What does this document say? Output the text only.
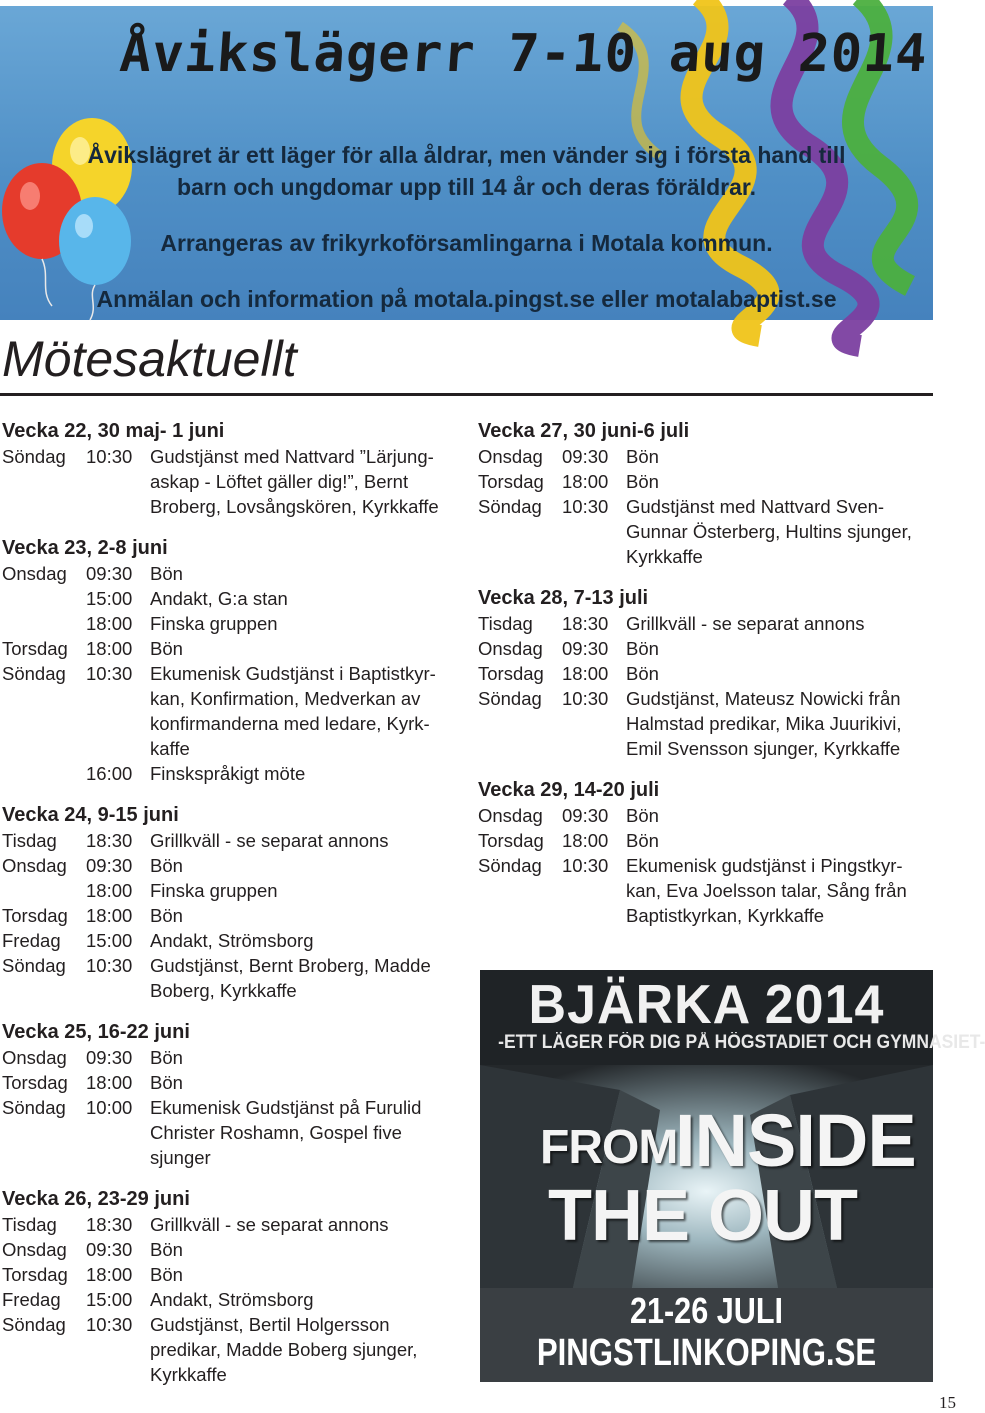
Åvikslägerr 7-10 aug 2014
Åvikslägret är ett läger för alla åldrar, men vänder sig i första hand till
barn och ungdomar upp till 14 år och deras föräldrar.
Arrangeras av frikyrkoförsamlingarna i Motala kommun.
Anmälan och information på motala.pingst.se eller motalabaptist.se
Mötesaktuellt
Vecka 22, 30 maj- 1 juni
Söndag	10:30 Gudstjänst med Nattvard ”Lärjung-askap - Löftet gäller dig!”, Bernt Broberg, Lovsångskören, Kyrkkaffe
Vecka 23, 2-8 juni
Onsdag	09:30 Bön
15:00 Andakt, G:a stan
18:00 Finska gruppen
Torsdag 18:00 Bön
Söndag	10:30 Ekumenisk Gudstjänst i Baptistkyr-kan, Konfirmation, Medverkan av konfirmanderna med ledare, Kyrk-kaffe
16:00 Finskspråkigt möte
Vecka 24, 9-15 juni
Tisdag	18:30 Grillkväll - se separat annons
Onsdag	09:30 Bön
18:00 Finska gruppen
Torsdag 18:00 Bön
Fredag	15:00 Andakt, Strömsborg
Söndag	10:30 Gudstjänst, Bernt Broberg, Madde Boberg, Kyrkkaffe
Vecka 25, 16-22 juni
Onsdag	09:30 Bön
Torsdag 18:00 Bön
Söndag	10:00 Ekumenisk Gudstjänst på Furulid Christer Roshamn, Gospel five sjunger
Vecka 26, 23-29 juni
Tisdag	18:30 Grillkväll - se separat annons
Onsdag	09:30 Bön
Torsdag 18:00 Bön
Fredag	15:00 Andakt, Strömsborg
Söndag	10:30 Gudstjänst, Bertil Holgersson predikar, Madde Boberg sjunger, Kyrkkaffe
Vecka 27, 30 juni-6 juli
Onsdag	09:30 Bön
Torsdag 18:00 Bön
Söndag	10:30 Gudstjänst med Nattvard Sven-Gunnar Österberg, Hultins sjunger, Kyrkkaffe
Vecka 28, 7-13 juli
Tisdag	18:30 Grillkväll - se separat annons
Onsdag	09:30 Bön
Torsdag 18:00 Bön
Söndag	10:30 Gudstjänst, Mateusz Nowicki från Halmstad predikar, Mika Juurikivi, Emil Svensson sjunger, Kyrkkaffe
Vecka 29, 14-20 juli
Onsdag	09:30 Bön
Torsdag 18:00 Bön
Söndag	10:30 Ekumenisk gudstjänst i Pingstkyr-kan, Eva Joelsson talar, Sång från Baptistkyrkan, Kyrkkaffe
BJÄRKA 2014
-ETT LÄGER FÖR DIG PÅ HÖGSTADIET OCH GYMNASIET-
FROM
INSIDE
THE OUT
21-26 JULI
PINGSTLINKOPING.SE
15
